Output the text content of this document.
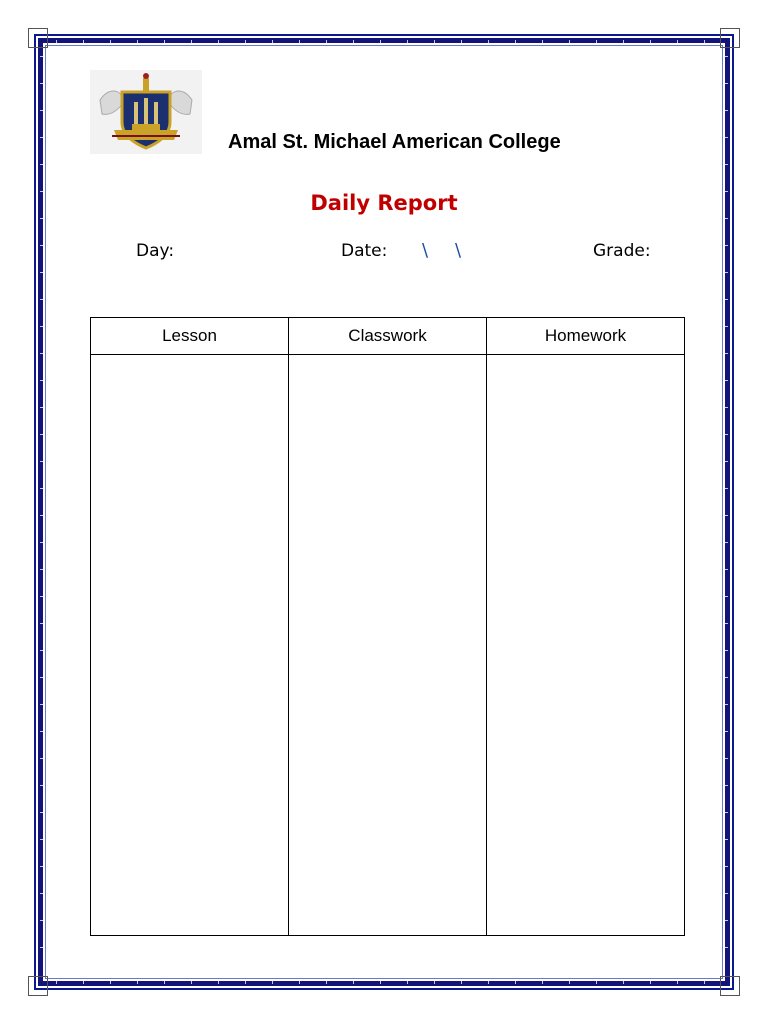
Amal St. Michael American College
Daily Report
Day:	Date: \ \	Grade:
Lesson	Classwork	Homework
